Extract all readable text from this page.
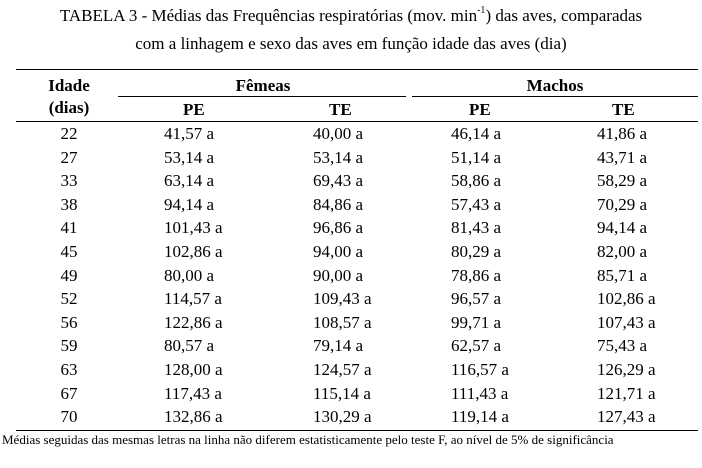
TABELA 3 - Médias das Frequências respiratórias (mov. $\min^{-1}$) das aves, comparadas
com a linhagem e sexo das aves em função idade das aves (dia)
Idade	Fêmeas	Machos
(dias)	PE	TE	PE	TE
22	41,57 a	40,00 a	46,14 a	41,86 a
27	53,14 a	53,14 a	51,14 a	43,71 a
33	63,14 a	69,43 a	58,86 a	58,29 a
38	94,14 a	84,86 a	57,43 a	70,29 a
41	101,43 a	96,86 a	81,43 a	94,14 a
45	102,86 a	94,00 a	80,29 a	82,00 a
49	80,00 a	90,00 a	78,86 a	85,71 a
52	114,57 a	109,43 a	96,57 a	102,86 a
56	122,86 a	108,57 a	99,71 a	107,43 a
59	80,57 a	79,14 a	62,57 a	75,43 a
63	128,00 a	124,57 a	116,57 a	126,29 a
67	117,43 a	115,14 a	111,43 a	121,71 a
70	132,86 a	130,29 a	119,14 a	127,43 a
Médias seguidas das mesmas letras na linha não diferem estatisticamente pelo teste F, ao nível de 5% de significância
